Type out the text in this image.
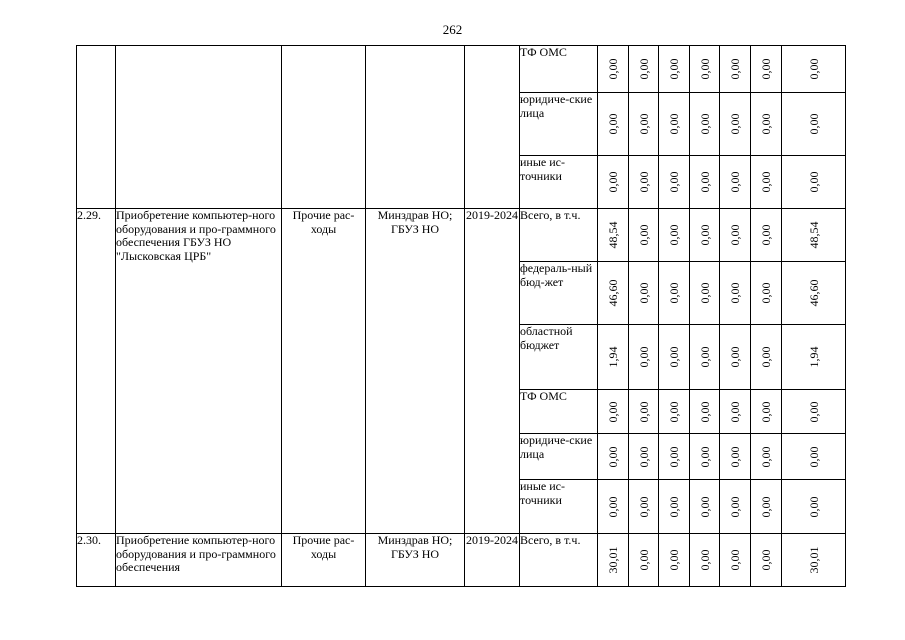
262
					ТФ ОМС	0,00	0,00	0,00	0,00	0,00	0,00	0,00

					юридиче-ские лица	0,00	0,00	0,00	0,00	0,00	0,00	0,00

					иные ис-точники	0,00	0,00	0,00	0,00	0,00	0,00	0,00

2.29.	Приобретение компьютер-ного оборудования и про-граммного обеспечения ГБУЗ НО "Лысковская ЦРБ"	Прочие рас-ходы	Минздрав НО; ГБУЗ НО	2019-2024	Всего, в т.ч.	48,54	0,00	0,00	0,00	0,00	0,00	48,54

					федераль-ный бюд-жет	46,60	0,00	0,00	0,00	0,00	0,00	46,60

					областной бюджет	1,94	0,00	0,00	0,00	0,00	0,00	1,94

					ТФ ОМС	0,00	0,00	0,00	0,00	0,00	0,00	0,00

					юридиче-ские лица	0,00	0,00	0,00	0,00	0,00	0,00	0,00

					иные ис-точники	0,00	0,00	0,00	0,00	0,00	0,00	0,00

2.30.	Приобретение компьютер-ного оборудования и про-граммного обеспечения	Прочие рас-ходы	Минздрав НО; ГБУЗ НО	2019-2024	Всего, в т.ч.	30,01	0,00	0,00	0,00	0,00	0,00	30,01
